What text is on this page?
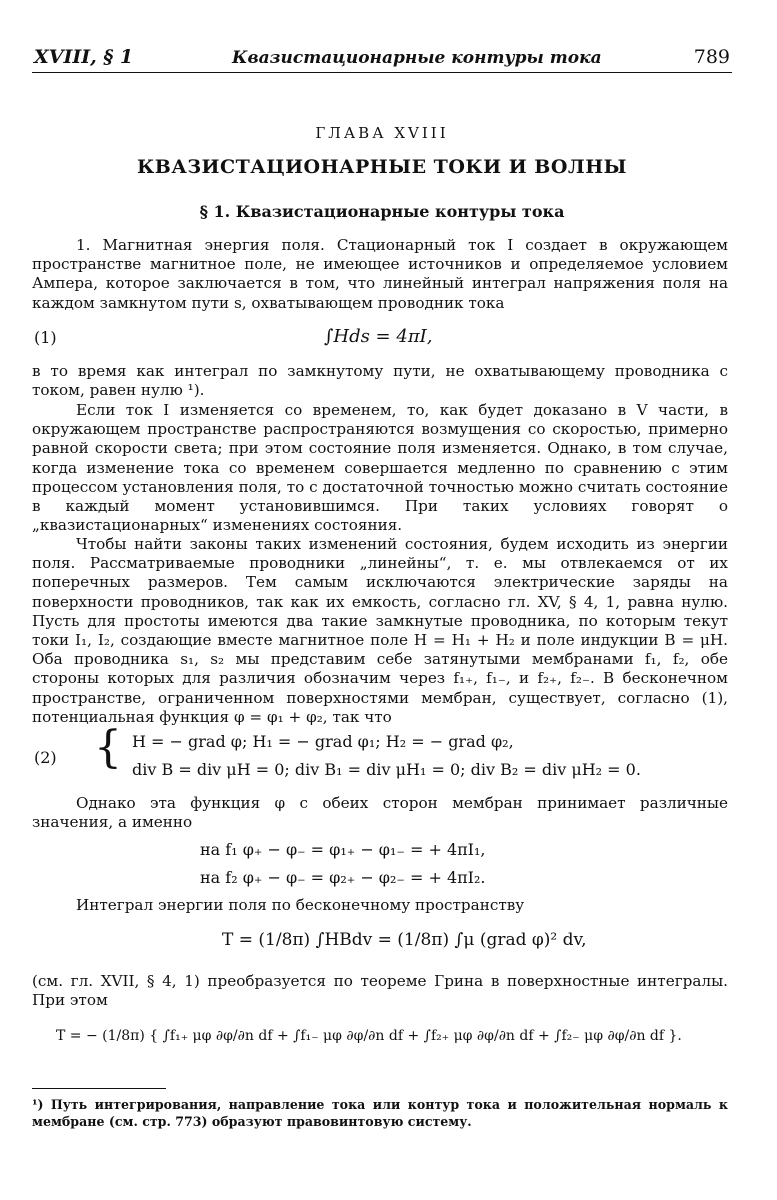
XVIII, § 1	Квазистационарные контуры тока	789

ГЛАВА XVIII

КВАЗИСТАЦИОНАРНЫЕ ТОКИ И ВОЛНЫ

§ 1. Квазистационарные контуры тока

1. Магнитная энергия поля. Стационарный ток I создает в окружающем пространстве магнитное поле, не имеющее источников и определяемое условием Ампера, которое заключается в том, что линейный интеграл напряжения поля на каждом замкнутом пути s, охватывающем проводник тока

(1)	∫Hds = 4πI,

в то время как интеграл по замкнутому пути, не охватывающему проводника с током, равен нулю ¹).

Если ток I изменяется со временем, то, как будет доказано в V части, в окружающем пространстве распространяются возмущения со скоростью, примерно равной скорости света; при этом состояние поля изменяется. Однако, в том случае, когда изменение тока со временем совершается медленно по сравнению с этим процессом установления поля, то с достаточной точностью можно считать состояние в каждый момент установившимся. При таких условиях говорят о „квазистационарных“ изменениях состояния.

Чтобы найти законы таких изменений состояния, будем исходить из энергии поля. Рассматриваемые проводники „линейны“, т. е. мы отвлекаемся от их поперечных размеров. Тем самым исключаются электрические заряды на поверхности проводников, так как их емкость, согласно гл. XV, § 4, 1, равна нулю. Пусть для простоты имеются два такие замкнутые проводника, по которым текут токи I₁, I₂, создающие вместе магнитное поле H = H₁ + H₂ и поле индукции B = μH. Оба проводника s₁, s₂ мы представим себе затянутыми мембранами f₁, f₂, обе стороны которых для различия обозначим через f₁₊, f₁₋, и f₂₊, f₂₋. В бесконечном пространстве, ограниченном поверхностями мембран, существует, согласно (1), потенциальная функция φ = φ₁ + φ₂, так что

(2) { H = − grad φ; H₁ = − grad φ₁; H₂ = − grad φ₂,
div B = div μH = 0; div B₁ = div μH₁ = 0; div B₂ = div μH₂ = 0.

Однако эта функция φ с обеих сторон мембран принимает различные значения, а именно

на f₁ φ₊ − φ₋ = φ₁₊ − φ₁₋ = + 4πI₁,
на f₂ φ₊ − φ₋ = φ₂₊ − φ₂₋ = + 4πI₂.

Интеграл энергии поля по бесконечному пространству

T = (1/8π) ∫HBdv = (1/8π) ∫μ (grad φ)² dv,

(см. гл. XVII, § 4, 1) преобразуется по теореме Грина в поверхностные интегралы. При этом

T = − (1/8π) { ∫f₁₊ μφ ∂φ/∂n df + ∫f₁₋ μφ ∂φ/∂n df + ∫f₂₊ μφ ∂φ/∂n df + ∫f₂₋ μφ ∂φ/∂n df }.

¹) Путь интегрирования, направление тока или контур тока и положительная нормаль к мембране (см. стр. 773) образуют правовинтовую систему.
